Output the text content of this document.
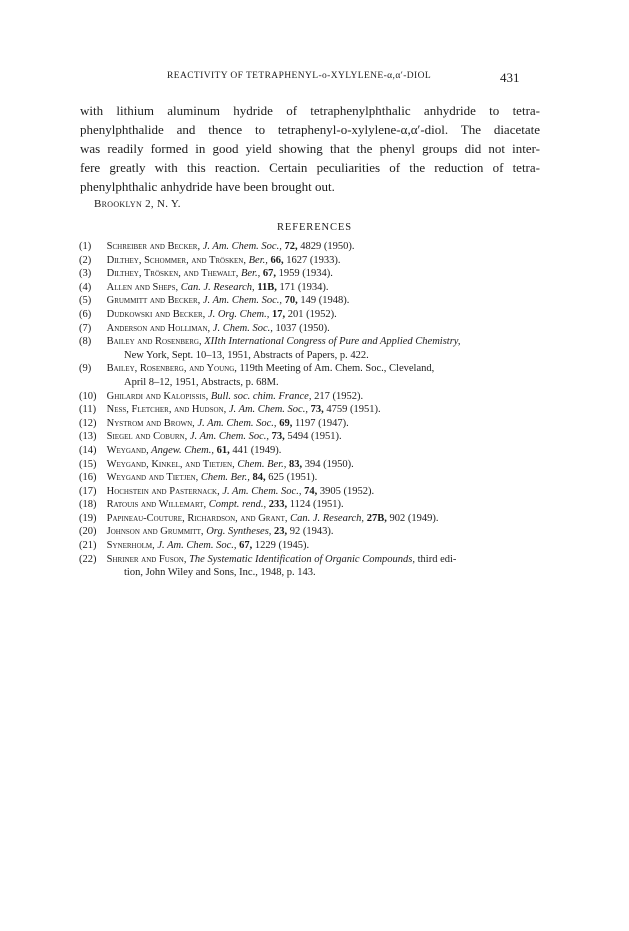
REACTIVITY OF TETRAPHENYL-o-XYLYLENE-α,α′-DIOL	431
with lithium aluminum hydride of tetraphenylphthalic anhydride to tetra-
phenylphthalide and thence to tetraphenyl-o-xylylene-α,α′-diol. The diacetate
was readily formed in good yield showing that the phenyl groups did not inter-
fere greatly with this reaction. Certain peculiarities of the reduction of tetra-
phenylphthalic anhydride have been brought out.
Brooklyn 2, N. Y.
REFERENCES
(1) Schreiber and Becker, J. Am. Chem. Soc., 72, 4829 (1950).
(2) Dilthey, Schommer, and Trösken, Ber., 66, 1627 (1933).
(3) Dilthey, Trösken, and Thewalt, Ber., 67, 1959 (1934).
(4) Allen and Sheps, Can. J. Research, 11B, 171 (1934).
(5) Grummitt and Becker, J. Am. Chem. Soc., 70, 149 (1948).
(6) Dudkowski and Becker, J. Org. Chem., 17, 201 (1952).
(7) Anderson and Holliman, J. Chem. Soc., 1037 (1950).
(8) Bailey and Rosenberg, XIIth International Congress of Pure and Applied Chemistry,
New York, Sept. 10–13, 1951, Abstracts of Papers, p. 422.
(9) Bailey, Rosenberg, and Young, 119th Meeting of Am. Chem. Soc., Cleveland,
April 8–12, 1951, Abstracts, p. 68M.
(10) Ghilardi and Kalopissis, Bull. soc. chim. France, 217 (1952).
(11) Ness, Fletcher, and Hudson, J. Am. Chem. Soc., 73, 4759 (1951).
(12) Nystrom and Brown, J. Am. Chem. Soc., 69, 1197 (1947).
(13) Siegel and Coburn, J. Am. Chem. Soc., 73, 5494 (1951).
(14) Weygand, Angew. Chem., 61, 441 (1949).
(15) Weygand, Kinkel, and Tietjen, Chem. Ber., 83, 394 (1950).
(16) Weygand and Tietjen, Chem. Ber., 84, 625 (1951).
(17) Hochstein and Pasternack, J. Am. Chem. Soc., 74, 3905 (1952).
(18) Ratouis and Willemart, Compt. rend., 233, 1124 (1951).
(19) Papineau-Couture, Richardson, and Grant, Can. J. Research, 27B, 902 (1949).
(20) Johnson and Grummitt, Org. Syntheses, 23, 92 (1943).
(21) Synerholm, J. Am. Chem. Soc., 67, 1229 (1945).
(22) Shriner and Fuson, The Systematic Identification of Organic Compounds, third edi-
tion, John Wiley and Sons, Inc., 1948, p. 143.
